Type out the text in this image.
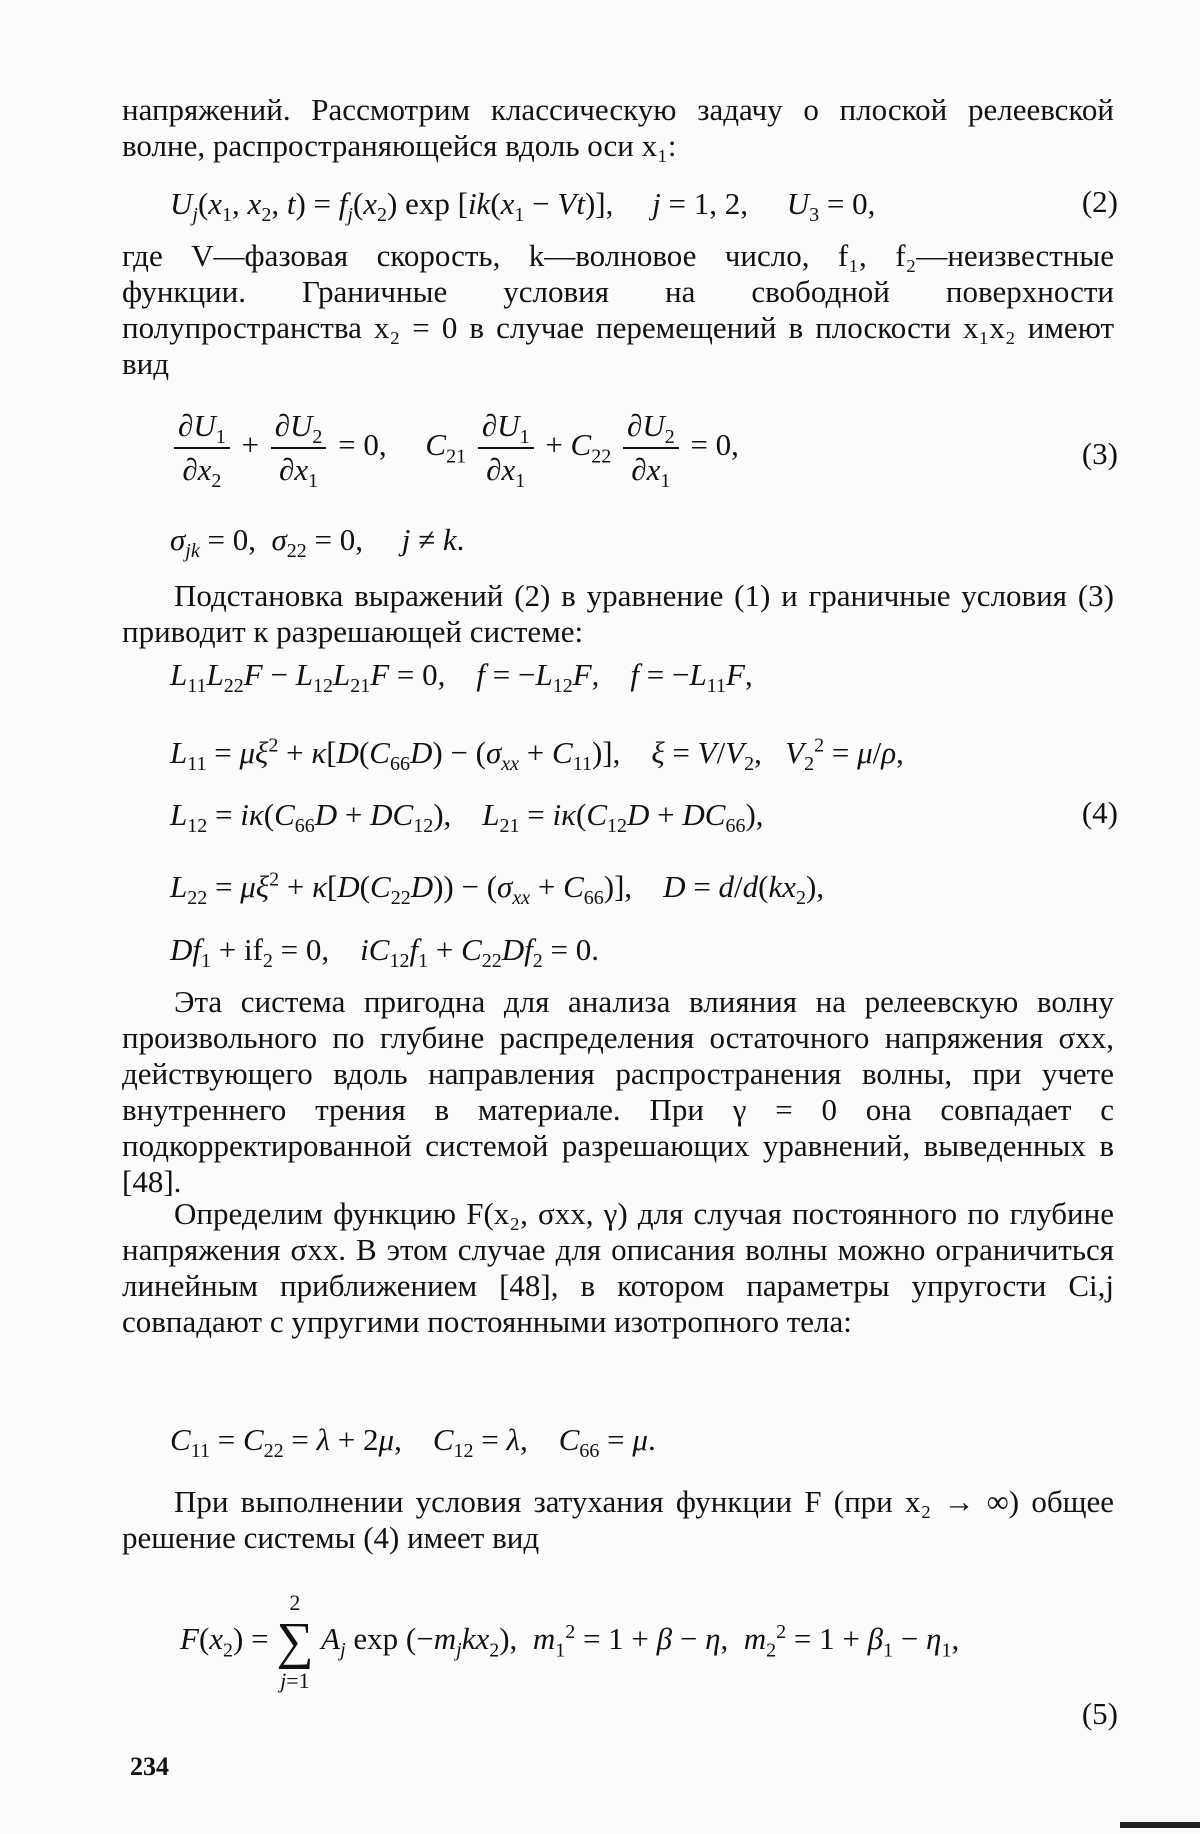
напряжений. Рассмотрим классическую задачу о плоской релеевской волне, распространяющейся вдоль оси x₁:

$U_j(x_1$, $x_2$, $t) = f_j(x_2)$ $\exp [ik(x_1 - Vt)]$,     j = 1, 2,     $U_3 = 0$,	(2)

где V—фазовая скорость, k—волновое число, f₁, f₂—неизвестные функции. Граничные условия на свободной поверхности полупространства x₂ = 0 в случае перемещений в плоскости x₁x₂ имеют вид

$\frac{\partial U_1}{\partial x_2} + \frac{\partial U_2}{\partial x_1} = 0$,     $C_{21} \frac{\partial U_1}{\partial x_1} + C_{22} \frac{\partial U_2}{\partial x_1} = 0$,	(3)
$\sigma_{jk} = 0$,  $\sigma_{22} = 0$,     j ≠ k.

Подстановка выражений (2) в уравнение (1) и граничные условия (3) приводит к разрешающей системе:

$L_{11}L_{22}F - L_{12}L_{21}F = 0$,    $f = -L_{12}F$,    $f = -L_{11}F$,
$L_{11} = \mu\xi^2 + \kappa[D(C_{66}D) - (\sigma_{xx} + C_{11})]$,    $\xi = V/V_2$,   $V_2^2 = \mu/\rho$,
$L_{12} = i\kappa(C_{66}D + DC_{12})$,    $L_{21} = i\kappa(C_{12}D + DC_{66})$,	(4)
$L_{22} = \mu\xi^2 + \kappa[D(C_{22}D)) - (\sigma_{xx} + C_{66})$],    $D = d/d(kx_2)$,
$Df_1 + if_2 = 0$,    $iC_{12}f_1 + C_{22}Df_2 = 0$.

Эта система пригодна для анализа влияния на релеевскую волну произвольного по глубине распределения остаточного напряжения σxx, действующего вдоль направления распространения волны, при учете внутреннего трения в материале. При γ = 0 она совпадает с подкорректированной системой разрешающих уравнений, выведенных в [48].

Определим функцию F(x₂, σxx, γ) для случая постоянного по глубине напряжения σxx. В этом случае для описания волны можно ограничиться линейным приближением [48], в котором параметры упругости Ci,j совпадают с упругими постоянными изотропного тела:

$C_{11} = C_{22} = \lambda + 2\mu$,    $C_{12} = \lambda$,    $C_{66} = \mu$.

При выполнении условия затухания функции F (при x₂ → ∞) общее решение системы (4) имеет вид

$F(x_2)$ =
2
∑
j=1
$A_j$ $\exp (-m_jkx_2)$,  $m_1^2 = 1 + \beta - \eta$,  $m_2^2 = 1 + \beta_1 - \eta_1$,
(5)
234
